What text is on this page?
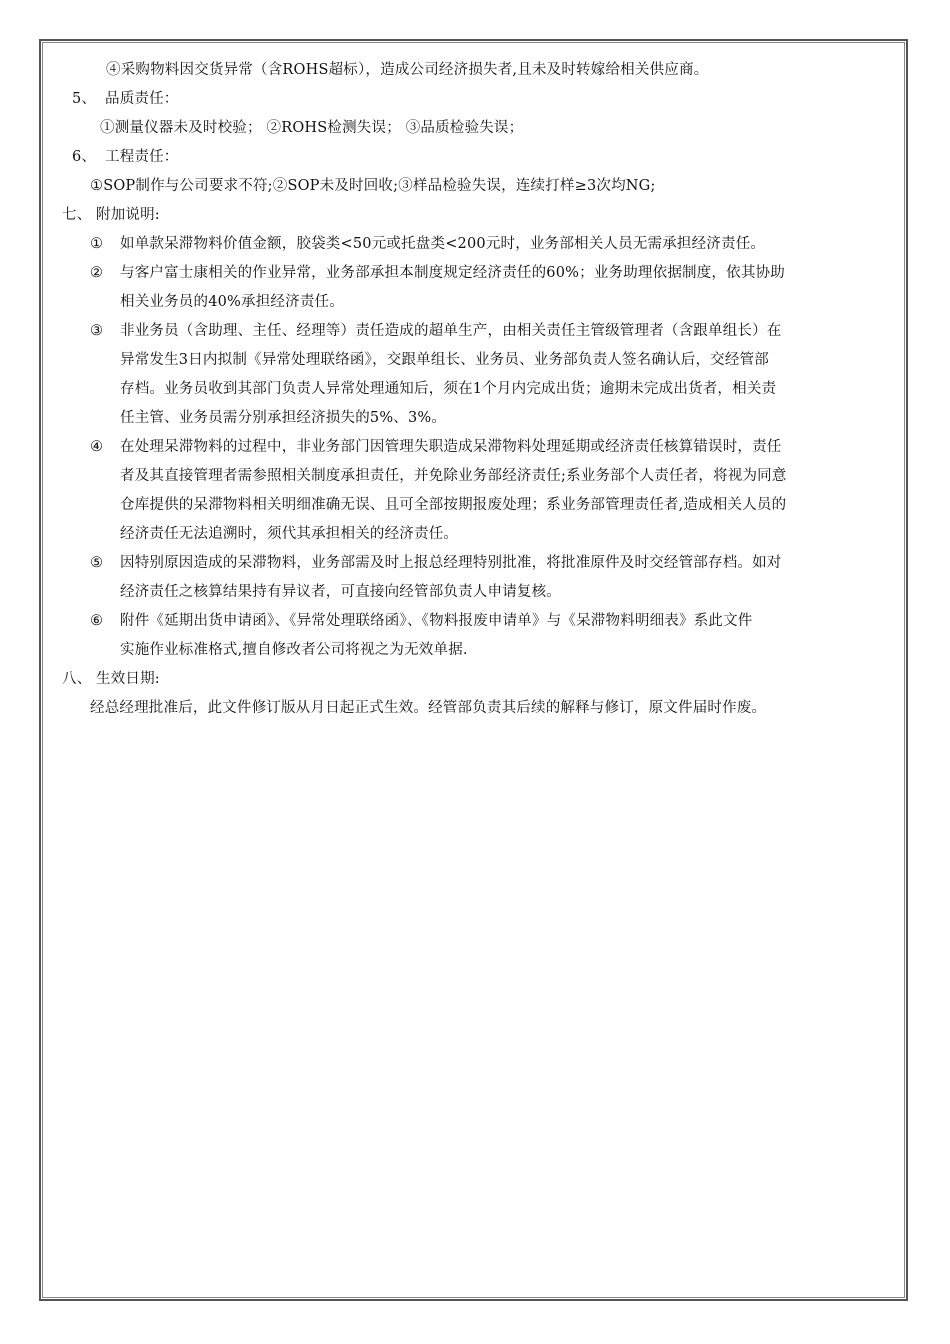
④采购物料因交货异常（含ROHS超标），造成公司经济损失者,且未及时转嫁给相关供应商。
5、 品质责任：
①测量仪器未及时校验； ②ROHS检测失误； ③品质检验失误；
6、 工程责任：
①SOP制作与公司要求不符;②SOP未及时回收;③样品检验失误，连续打样≥3次均NG;
七、 附加说明:
①	如单款呆滞物料价值金额，胶袋类<50元或托盘类<200元时，业务部相关人员无需承担经济责任。
②	与客户富士康相关的作业异常，业务部承担本制度规定经济责任的60%；业务助理依据制度，依其协助
相关业务员的40%承担经济责任。
③	非业务员（含助理、主任、经理等）责任造成的超单生产，由相关责任主管级管理者（含跟单组长）在
异常发生3日内拟制《异常处理联络函》，交跟单组长、业务员、业务部负责人签名确认后，交经管部
存档。业务员收到其部门负责人异常处理通知后，须在1个月内完成出货；逾期未完成出货者，相关责
任主管、业务员需分别承担经济损失的5%、3%。
④	在处理呆滞物料的过程中，非业务部门因管理失职造成呆滞物料处理延期或经济责任核算错误时，责任
者及其直接管理者需参照相关制度承担责任，并免除业务部经济责任;系业务部个人责任者，将视为同意
仓库提供的呆滞物料相关明细准确无误、且可全部按期报废处理；系业务部管理责任者,造成相关人员的
经济责任无法追溯时，须代其承担相关的经济责任。
⑤	因特别原因造成的呆滞物料，业务部需及时上报总经理特别批准，将批准原件及时交经管部存档。如对
经济责任之核算结果持有异议者，可直接向经管部负责人申请复核。
⑥	附件《延期出货申请函》、《异常处理联络函》、《物料报废申请单》与《呆滞物料明细表》系此文件
实施作业标准格式,擅自修改者公司将视之为无效单据.
八、 生效日期:
经总经理批准后，此文件修订版从月日起正式生效。经管部负责其后续的解释与修订，原文件届时作废。
